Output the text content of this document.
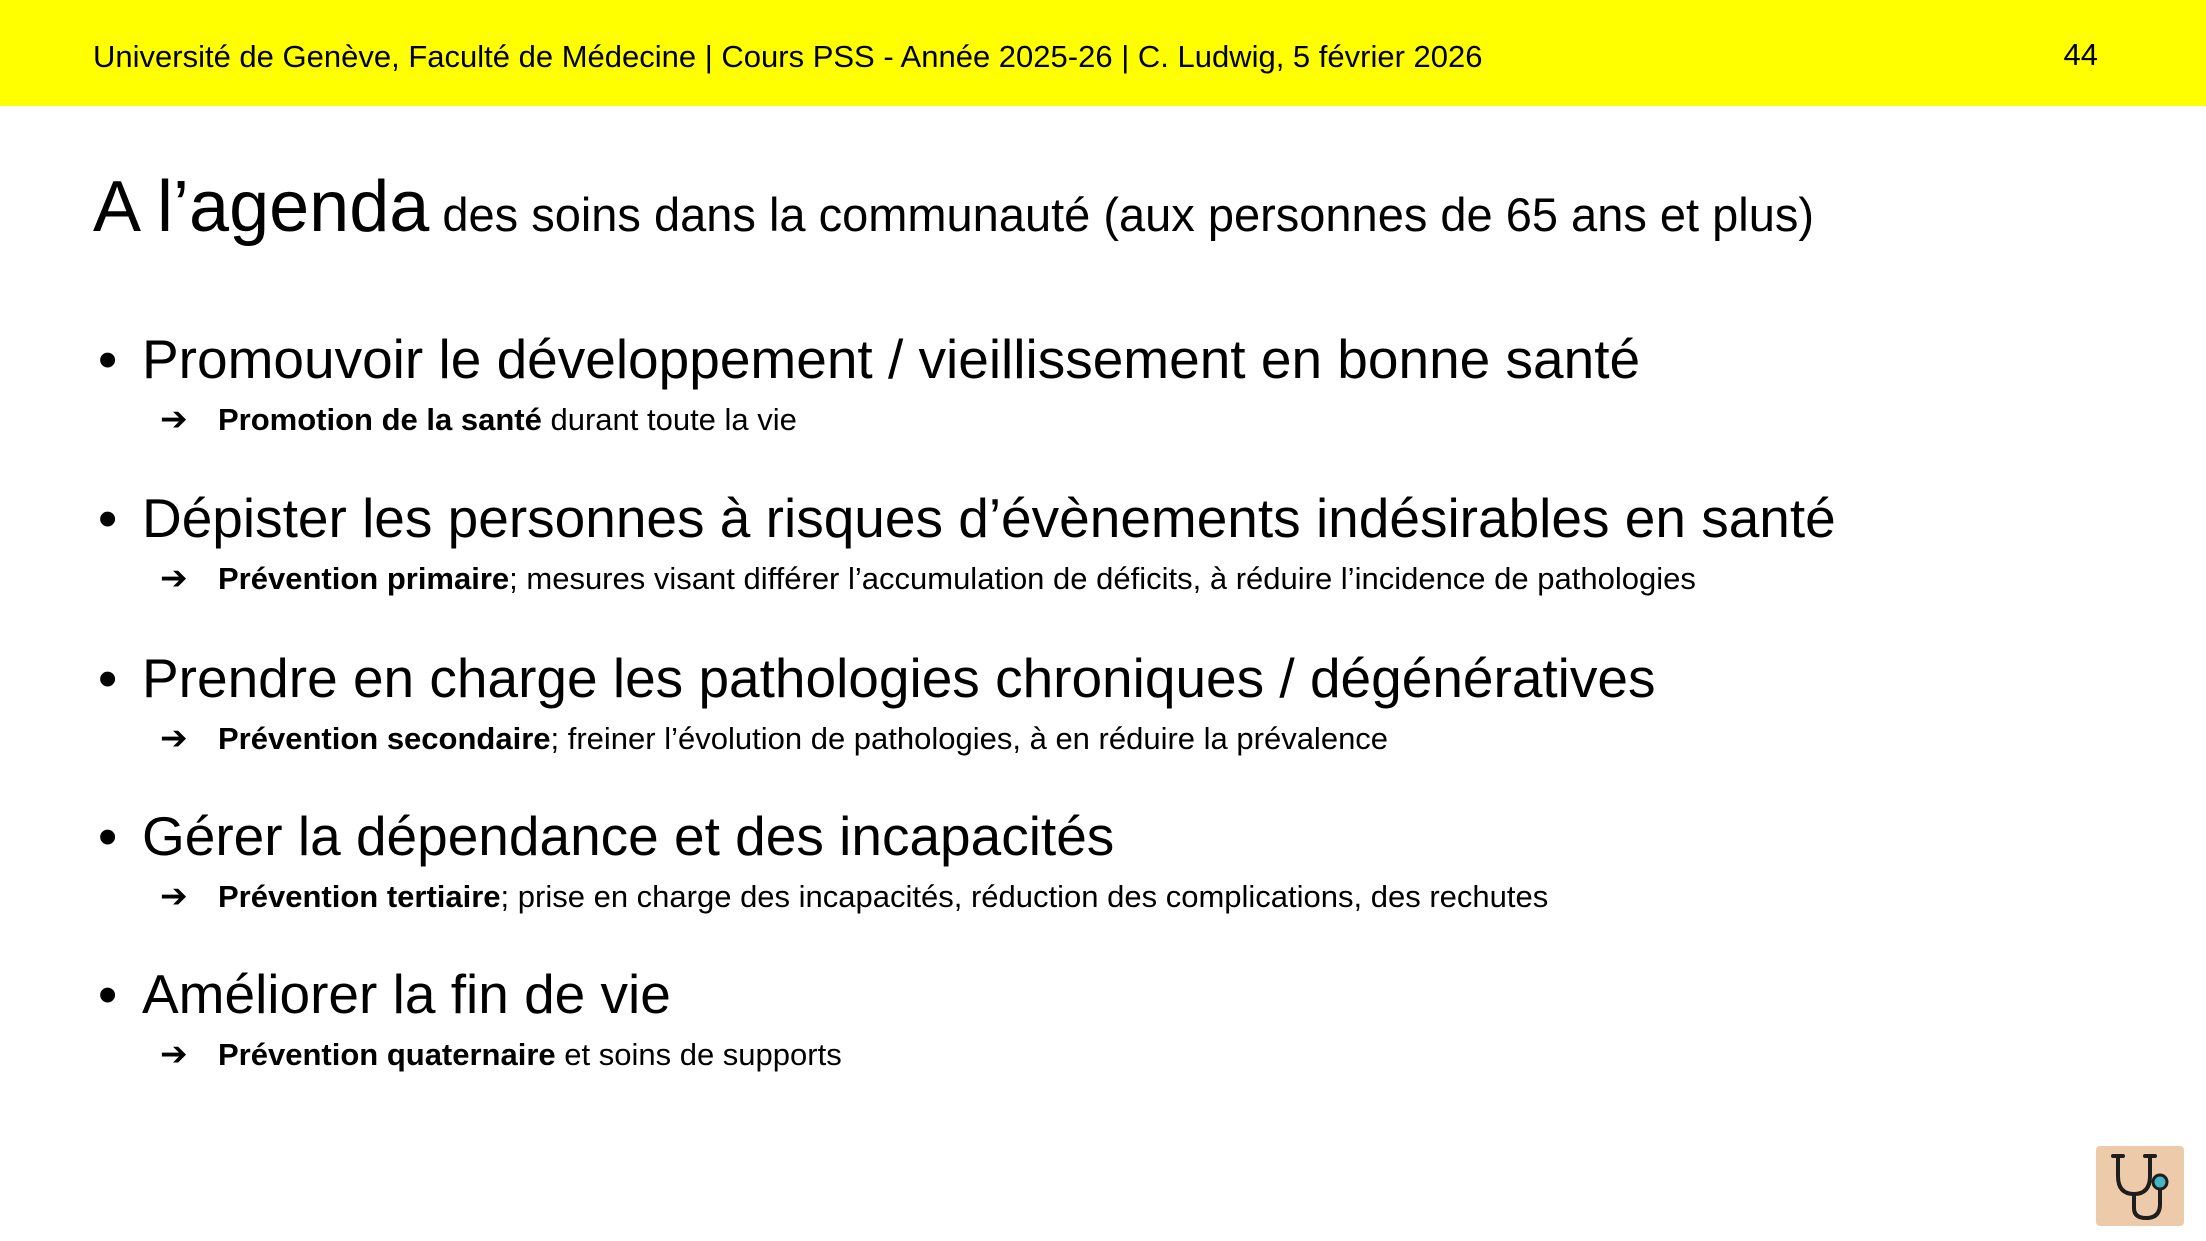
Université de Genève, Faculté de Médecine | Cours PSS - Année 2025-26 | C. Ludwig, 5 février 2026	44
A l’agenda des soins dans la communauté (aux personnes de 65 ans et plus)
• Promouvoir le développement / vieillissement en bonne santé
➔ Promotion de la santé durant toute la vie
• Dépister les personnes à risques d’évènements indésirables en santé
➔ Prévention primaire; mesures visant différer l’accumulation de déficits, à réduire l’incidence de pathologies
• Prendre en charge les pathologies chroniques / dégénératives
➔ Prévention secondaire; freiner l’évolution de pathologies, à en réduire la prévalence
• Gérer la dépendance et des incapacités
➔ Prévention tertiaire; prise en charge des incapacités, réduction des complications, des rechutes
• Améliorer la fin de vie
➔ Prévention quaternaire et soins de supports
